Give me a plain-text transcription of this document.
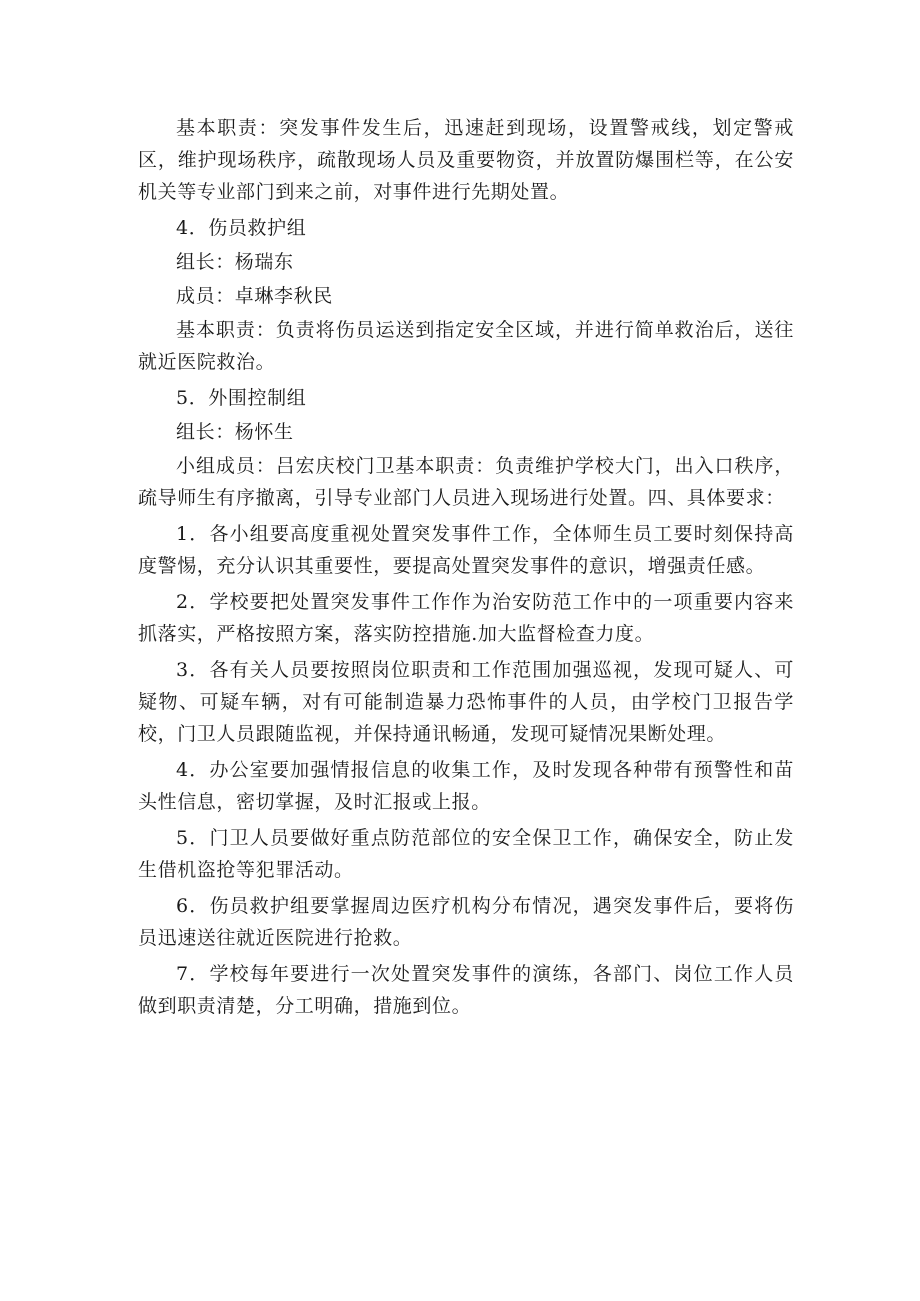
基本职责：突发事件发生后，迅速赶到现场，设置警戒线，划定警戒区，维护现场秩序，疏散现场人员及重要物资，并放置防爆围栏等，在公安机关等专业部门到来之前，对事件进行先期处置。

4．伤员救护组

组长：杨瑞东

成员：卓琳李秋民

基本职责：负责将伤员运送到指定安全区域，并进行简单救治后，送往就近医院救治。

5．外围控制组

组长：杨怀生

小组成员：吕宏庆校门卫基本职责：负责维护学校大门，出入口秩序，疏导师生有序撤离，引导专业部门人员进入现场进行处置。四、具体要求：

1．各小组要高度重视处置突发事件工作，全体师生员工要时刻保持高度警惕，充分认识其重要性，要提高处置突发事件的意识，增强责任感。

2．学校要把处置突发事件工作作为治安防范工作中的一项重要内容来抓落实，严格按照方案，落实防控措施.加大监督检查力度。

3．各有关人员要按照岗位职责和工作范围加强巡视，发现可疑人、可疑物、可疑车辆，对有可能制造暴力恐怖事件的人员，由学校门卫报告学校，门卫人员跟随监视，并保持通讯畅通，发现可疑情况果断处理。

4．办公室要加强情报信息的收集工作，及时发现各种带有预警性和苗头性信息，密切掌握，及时汇报或上报。

5．门卫人员要做好重点防范部位的安全保卫工作，确保安全，防止发生借机盗抢等犯罪活动。

6．伤员救护组要掌握周边医疗机构分布情况，遇突发事件后，要将伤员迅速送往就近医院进行抢救。

7．学校每年要进行一次处置突发事件的演练，各部门、岗位工作人员做到职责清楚，分工明确，措施到位。
